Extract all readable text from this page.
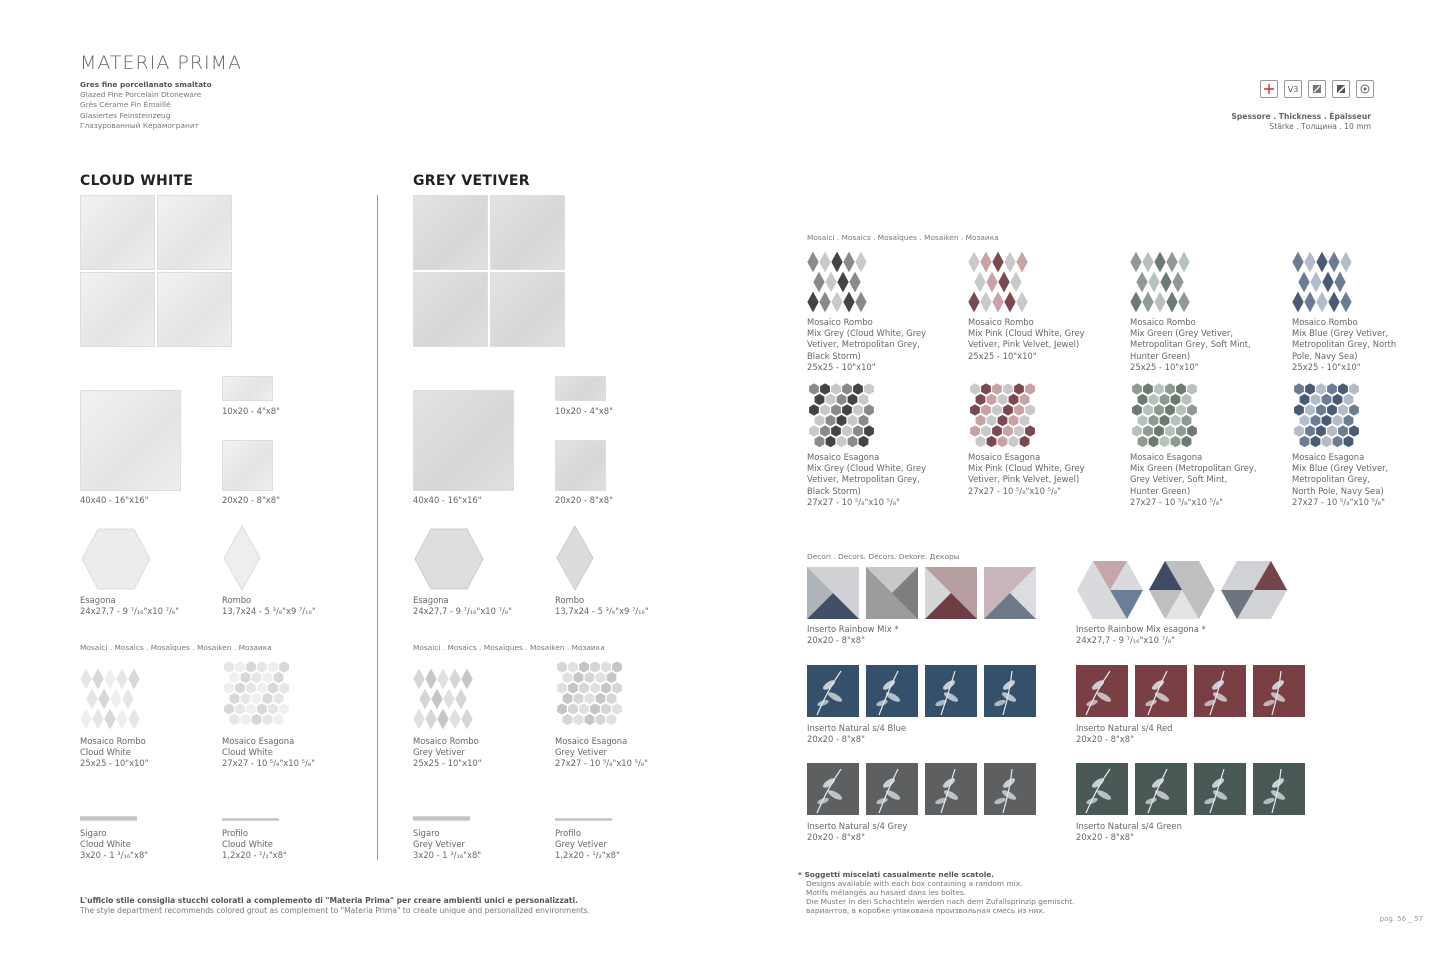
MATERIA PRIMA
Gres fine porcellanato smaltato
Glazed Fine Porcelain Dtoneware
Grès Cérame Fin Émaillé
Glasiertes Feinsteinzeug
Глазурованный Керамогранит
V3
Spessore . Thickness . Épaisseur
Stärke . Толщина . 10 mm
CLOUD WHITE
40x40 - 16"x16"
10x20 - 4"x8"
20x20 - 8"x8"
Esagona
24x27,7 - 9 ⁷/₁₆"x10 ⁷/₈"
Rombo
13,7x24 - 5 ³/₈"x9 ⁷/₁₆"
Mosaici . Mosaics . Mosaïques . Mosaiken . Мозаика
Mosaico Rombo
Cloud White
25x25 - 10"x10"
Mosaico Esagona
Cloud White
27x27 - 10 ⁵/₈"x10 ⁵/₈"
Sigaro
Cloud White
3x20 - 1 ³/₁₆"x8"
Profilo
Cloud White
1,2x20 - ¹/₂"x8"
GREY VETIVER
40x40 - 16"x16"
10x20 - 4"x8"
20x20 - 8"x8"
Esagona
24x27,7 - 9 ⁷/₁₆"x10 ⁷/₈"
Rombo
13,7x24 - 5 ³/₈"x9 ⁷/₁₆"
Mosaici . Mosaics . Mosaïques . Mosaiken . Мозаика
Mosaico Rombo
Grey Vetiver
25x25 - 10"x10"
Mosaico Esagona
Grey Vetiver
27x27 - 10 ⁵/₈"x10 ⁵/₈"
Sigaro
Grey Vetiver
3x20 - 1 ³/₁₆"x8"
Profilo
Grey Vetiver
1,2x20 - ¹/₂"x8"
L'ufficio stile consiglia stucchi colorati a complemento di "Materia Prima" per creare ambienti unici e personalizzati.
The style department recommends colored grout as complement to "Materia Prima" to create unique and personalized environments.
Mosaici . Mosaics . Mosaïques . Mosaiken . Мозаика
Mosaico Rombo
Mix Grey (Cloud White, Grey
Vetiver, Metropolitan Grey,
Black Storm)
25x25 - 10"x10"
Mosaico Rombo
Mix Pink (Cloud White, Grey
Vetiver, Pink Velvet, Jewel)
25x25 - 10"x10"
Mosaico Rombo
Mix Green (Grey Vetiver,
Metropolitan Grey, Soft Mint,
Hunter Green)
25x25 - 10"x10"
Mosaico Rombo
Mix Blue (Grey Vetiver,
Metropolitan Grey, North
Pole, Navy Sea)
25x25 - 10"x10"
Mosaico Esagona
Mix Grey (Cloud White, Grey
Vetiver, Metropolitan Grey,
Black Storm)
27x27 - 10 ⁵/₈"x10 ⁵/₈"
Mosaico Esagona
Mix Pink (Cloud White, Grey
Vetiver, Pink Velvet, Jewel)
27x27 - 10 ⁵/₈"x10 ⁵/₈"
Mosaico Esagona
Mix Green (Metropolitan Grey,
Grey Vetiver, Soft Mint,
Hunter Green)
27x27 - 10 ⁵/₈"x10 ⁵/₈"
Mosaico Esagona
Mix Blue (Grey Vetiver,
Metropolitan Grey,
North Pole, Navy Sea)
27x27 - 10 ⁵/₈"x10 ⁵/₈"
Decori . Decors. Décors. Dekore. Декоры
Inserto Rainbow Mix *
20x20 - 8"x8"
Inserto Rainbow Mix esagona *
24x27,7 - 9 ⁷/₁₆"x10 ⁷/₈"
Inserto Natural s/4 Blue
20x20 - 8"x8"
Inserto Natural s/4 Red
20x20 - 8"x8"
Inserto Natural s/4 Grey
20x20 - 8"x8"
Inserto Natural s/4 Green
20x20 - 8"x8"
* Soggetti miscelati casualmente nelle scatole.
Designs available with each box containing a random mix.
Motifs mélangés au hasard dans les boîtes.
Die Muster in den Schachteln werden nach dem Zufallsprinzip gemischt.
вариантов, в коробке упакована произвольная смесь из них.
pag. 56 _ 57
